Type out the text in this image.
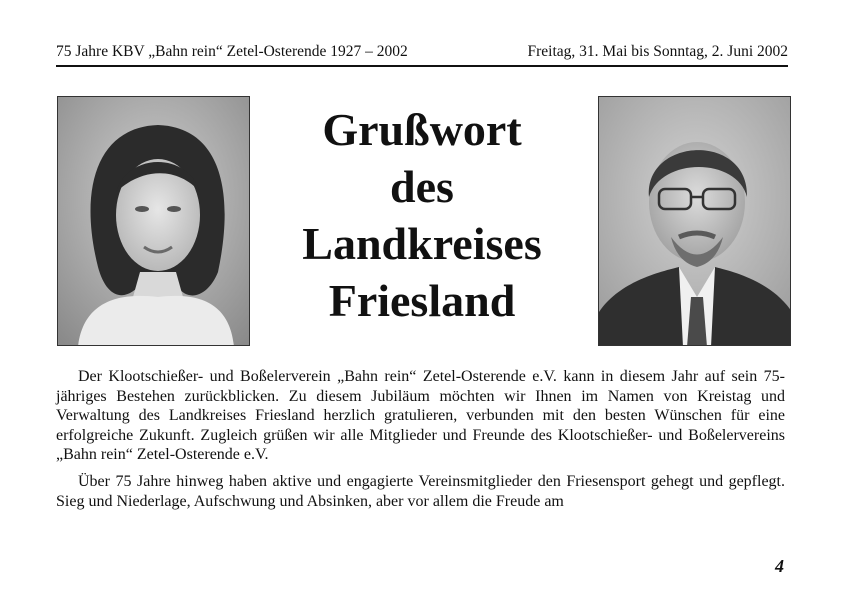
75 Jahre KBV „Bahn rein“ Zetel-Osterende 1927 – 2002	Freitag, 31. Mai bis Sonntag, 2. Juni 2002
Grußwort
des
Landkreises
Friesland

Der Klootschießer- und Boßelerverein „Bahn rein“ Zetel-Osterende e.V. kann in diesem Jahr auf sein 75-jähriges Bestehen zurückblicken. Zu diesem Jubiläum möchten wir Ihnen im Namen von Kreistag und Verwaltung des Landkreises Friesland herzlich gratulieren, verbunden mit den besten Wünschen für eine erfolgreiche Zukunft. Zugleich grüßen wir alle Mitglieder und Freunde des Klootschießer- und Boßelervereins „Bahn rein“ Zetel-Osterende e.V.

Über 75 Jahre hinweg haben aktive und engagierte Vereinsmitglieder den Friesensport gehegt und gepflegt. Sieg und Niederlage, Aufschwung und Absinken, aber vor allem die Freude am

4
